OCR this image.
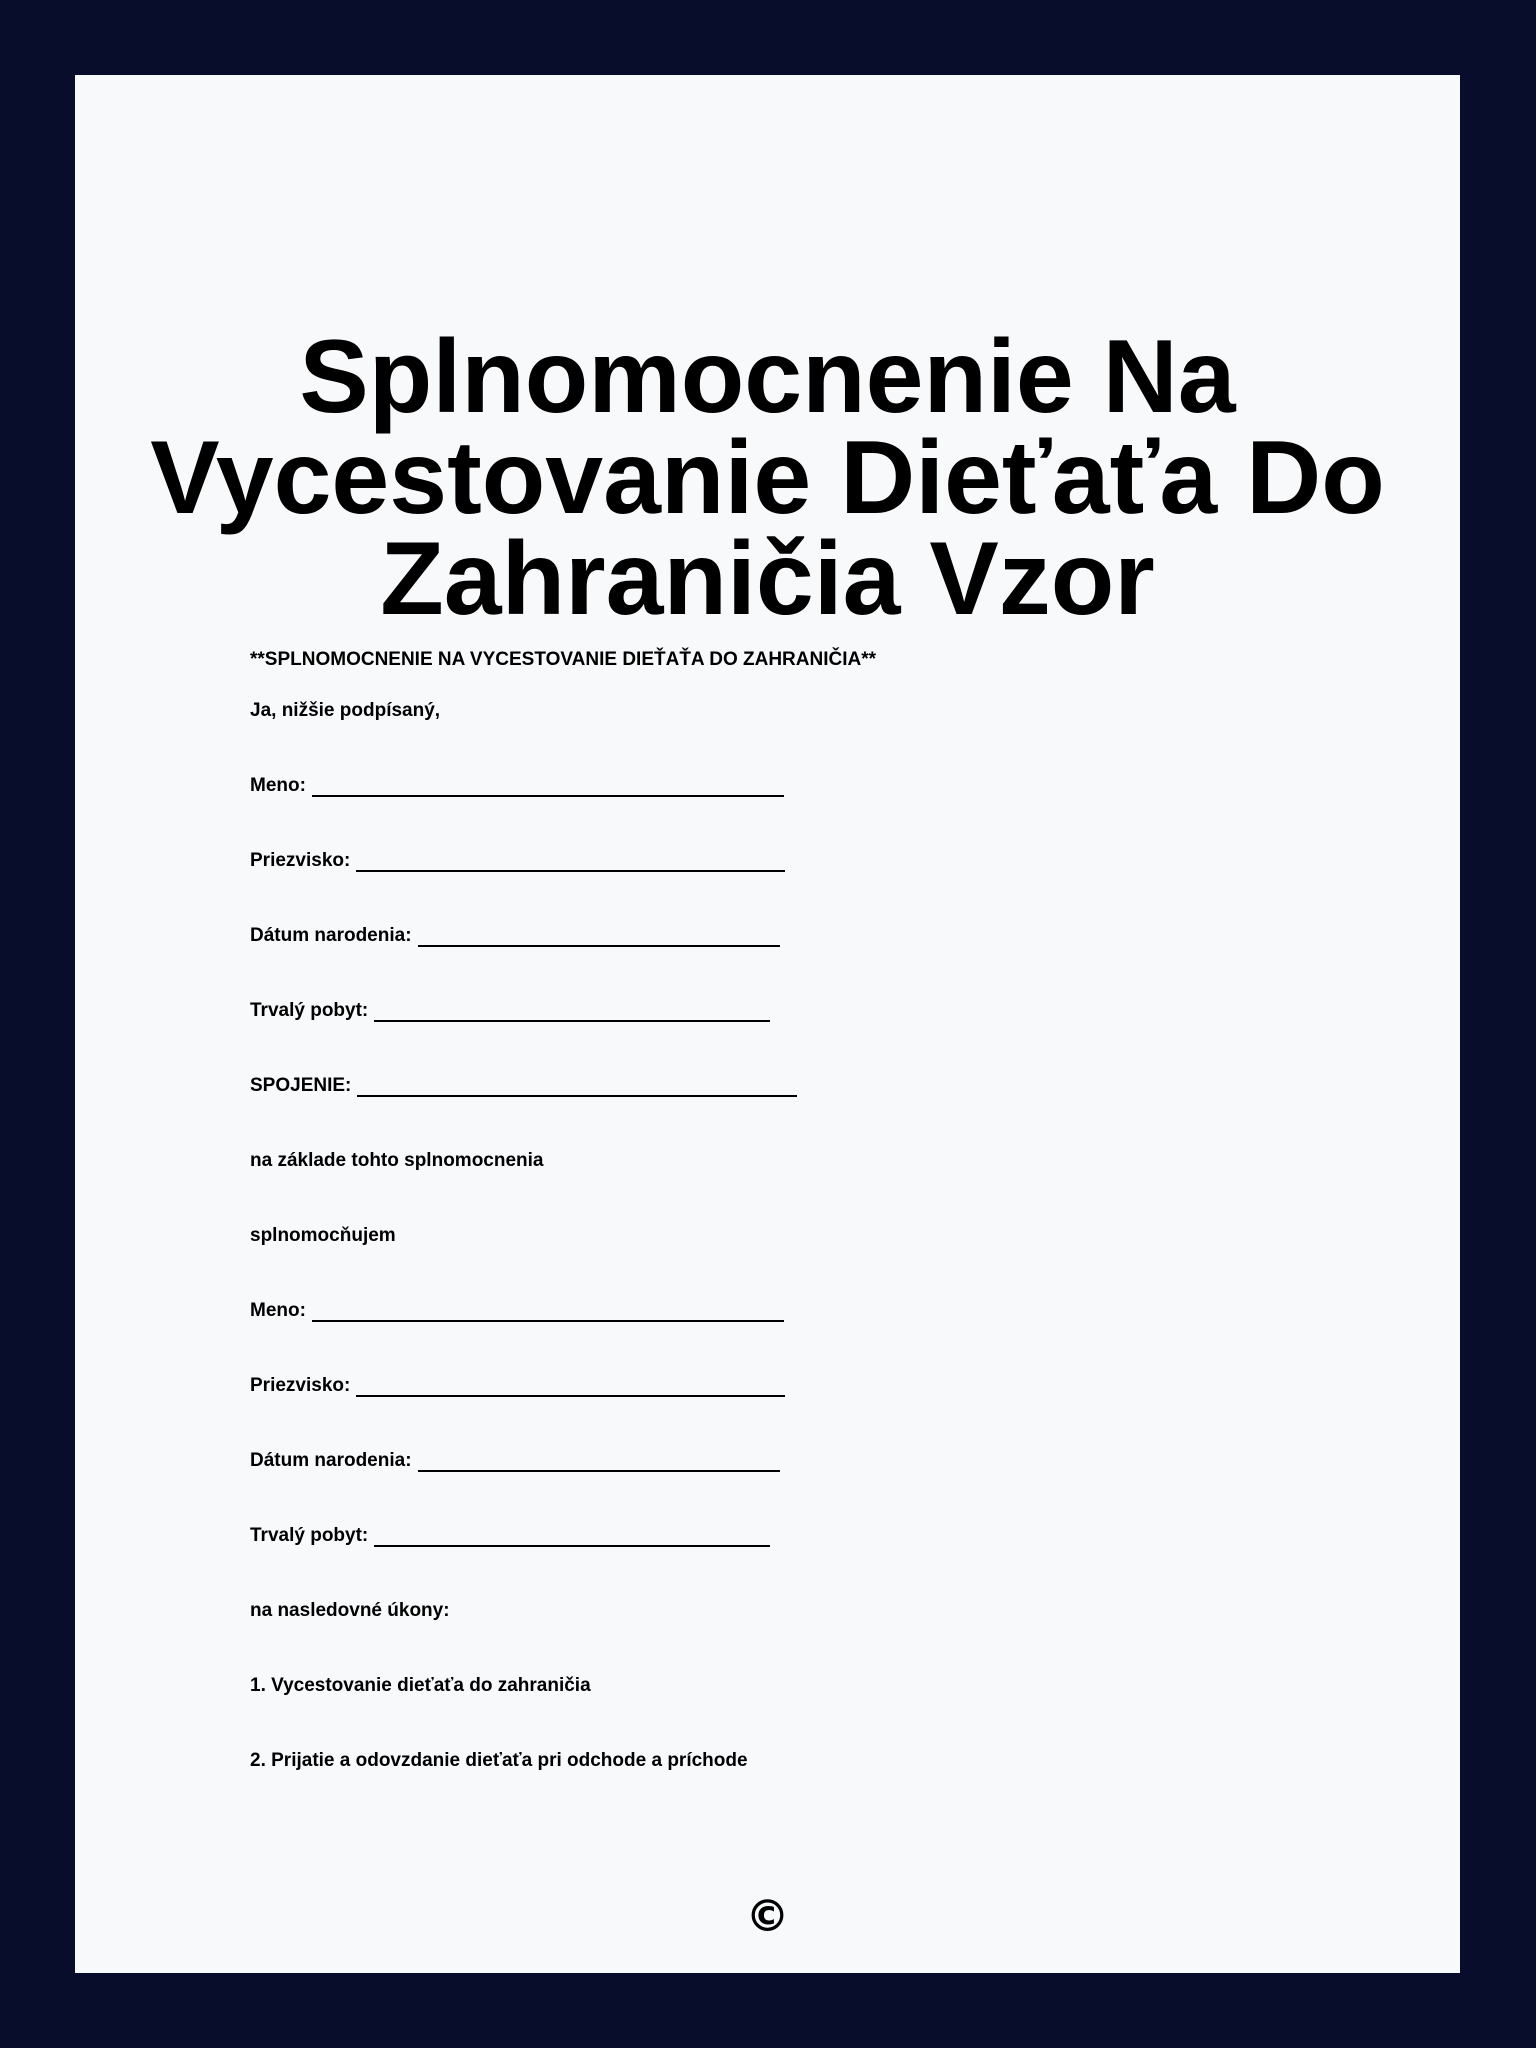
Splnomocnenie Na
Vycestovanie Dieťaťa Do
Zahraničia Vzor
**SPLNOMOCNENIE NA VYCESTOVANIE DIEŤAŤA DO ZAHRANIČIA**
Ja, nižšie podpísaný,
Meno:
Priezvisko:
Dátum narodenia:
Trvalý pobyt:
SPOJENIE:
na základe tohto splnomocnenia
splnomocňujem
Meno:
Priezvisko:
Dátum narodenia:
Trvalý pobyt:
na nasledovné úkony:
1. Vycestovanie dieťaťa do zahraničia
2. Prijatie a odovzdanie dieťaťa pri odchode a príchode
©
